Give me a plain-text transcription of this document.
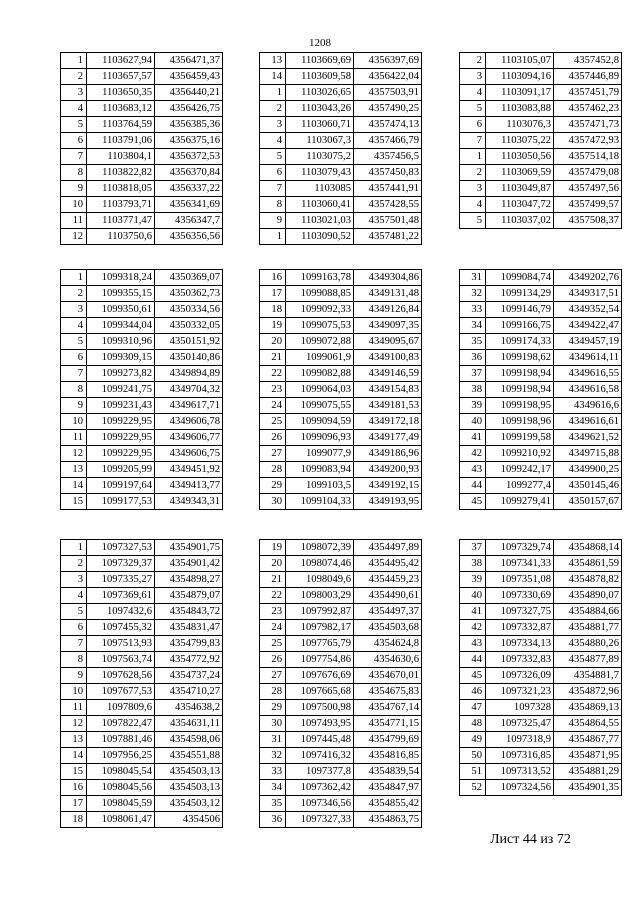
1208
1	1103627,94	4356471,37
2	1103657,57	4356459,43
3	1103650,35	4356440,21
4	1103683,12	4356426,75
5	1103764,59	4356385,36
6	1103791,06	4356375,16
7	1103804,1	4356372,53
8	1103822,82	4356370,84
9	1103818,05	4356337,22
10	1103793,71	4356341,69
11	1103771,47	4356347,7
12	1103750,6	4356356,56
13	1103669,69	4356397,69
14	1103609,58	4356422,04
1	1103026,65	4357503,91
2	1103043,26	4357490,25
3	1103060,71	4357474,13
4	1103067,3	4357466,79
5	1103075,2	4357456,5
6	1103079,43	4357450,83
7	1103085	4357441,91
8	1103060,41	4357428,55
9	1103021,03	4357501,48
1	1103090,52	4357481,22
2	1103105,07	4357452,8
3	1103094,16	4357446,89
4	1103091,17	4357451,79
5	1103083,88	4357462,23
6	1103076,3	4357471,73
7	1103075,22	4357472,93
1	1103050,56	4357514,18
2	1103069,59	4357479,08
3	1103049,87	4357497,56
4	1103047,72	4357499,57
5	1103037,02	4357508,37
1	1099318,24	4350369,07
2	1099355,15	4350362,73
3	1099350,61	4350334,56
4	1099344,04	4350332,05
5	1099310,96	4350151,92
6	1099309,15	4350140,86
7	1099273,82	4349894,89
8	1099241,75	4349704,32
9	1099231,43	4349617,71
10	1099229,95	4349606,78
11	1099229,95	4349606,77
12	1099229,95	4349606,75
13	1099205,99	4349451,92
14	1099197,64	4349413,77
15	1099177,53	4349343,31
16	1099163,78	4349304,86
17	1099088,85	4349131,48
18	1099092,33	4349126,84
19	1099075,53	4349097,35
20	1099072,88	4349095,67
21	1099061,9	4349100,83
22	1099082,88	4349146,59
23	1099064,03	4349154,83
24	1099075,55	4349181,53
25	1099094,59	4349172,18
26	1099096,93	4349177,49
27	1099077,9	4349186,96
28	1099083,94	4349200,93
29	1099103,5	4349192,15
30	1099104,33	4349193,95
31	1099084,74	4349202,76
32	1099134,29	4349317,51
33	1099146,79	4349352,54
34	1099166,75	4349422,47
35	1099174,33	4349457,19
36	1099198,62	4349614,11
37	1099198,94	4349616,55
38	1099198,94	4349616,58
39	1099198,95	4349616,6
40	1099198,96	4349616,61
41	1099199,58	4349621,52
42	1099210,92	4349715,88
43	1099242,17	4349900,25
44	1099277,4	4350145,46
45	1099279,41	4350157,67
1	1097327,53	4354901,75
2	1097329,37	4354901,42
3	1097335,27	4354898,27
4	1097369,61	4354879,07
5	1097432,6	4354843,72
6	1097455,32	4354831,47
7	1097513,93	4354799,83
8	1097563,74	4354772,92
9	1097628,56	4354737,24
10	1097677,53	4354710,27
11	1097809,6	4354638,2
12	1097822,47	4354631,11
13	1097881,46	4354598,06
14	1097956,25	4354551,88
15	1098045,54	4354503,13
16	1098045,56	4354503,13
17	1098045,59	4354503,12
18	1098061,47	4354506
19	1098072,39	4354497,89
20	1098074,46	4354495,42
21	1098049,6	4354459,23
22	1098003,29	4354490,61
23	1097992,87	4354497,37
24	1097982,17	4354503,68
25	1097765,79	4354624,8
26	1097754,86	4354630,6
27	1097676,69	4354670,01
28	1097665,68	4354675,83
29	1097500,98	4354767,14
30	1097493,95	4354771,15
31	1097445,48	4354799,69
32	1097416,32	4354816,85
33	1097377,8	4354839,54
34	1097362,42	4354847,97
35	1097346,56	4354855,42
36	1097327,33	4354863,75
37	1097329,74	4354868,14
38	1097341,33	4354861,59
39	1097351,08	4354878,82
40	1097330,69	4354890,07
41	1097327,75	4354884,66
42	1097332,87	4354881,77
43	1097334,13	4354880,26
44	1097332,83	4354877,89
45	1097326,09	4354881,7
46	1097321,23	4354872,96
47	1097328	4354869,13
48	1097325,47	4354864,55
49	1097318,9	4354867,77
50	1097316,85	4354871,95
51	1097313,52	4354881,29
52	1097324,56	4354901,35
Лист 44 из 72
